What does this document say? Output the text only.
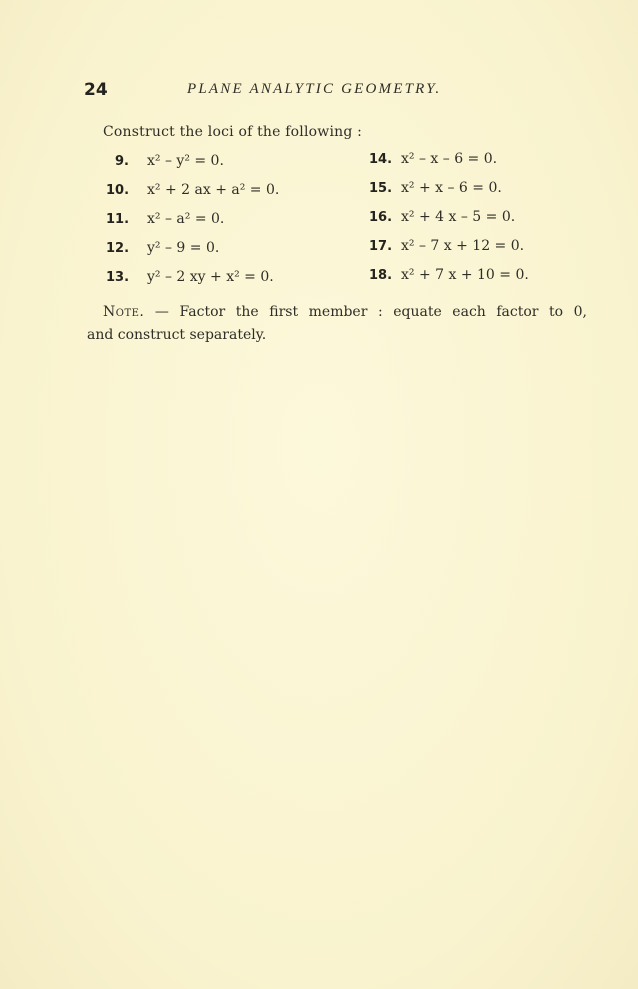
24	PLANE ANALYTIC GEOMETRY.
Construct the loci of the following :
9. x² – y² = 0.
10. x² + 2 ax + a² = 0.
11. x² – a² = 0.
12. y² – 9 = 0.
13. y² – 2 xy + x² = 0.
14. x² – x – 6 = 0.
15. x² + x – 6 = 0.
16. x² + 4 x – 5 = 0.
17. x² – 7 x + 12 = 0.
18. x² + 7 x + 10 = 0.
Note. — Factor the first member : equate each factor to 0,
and construct separately.
